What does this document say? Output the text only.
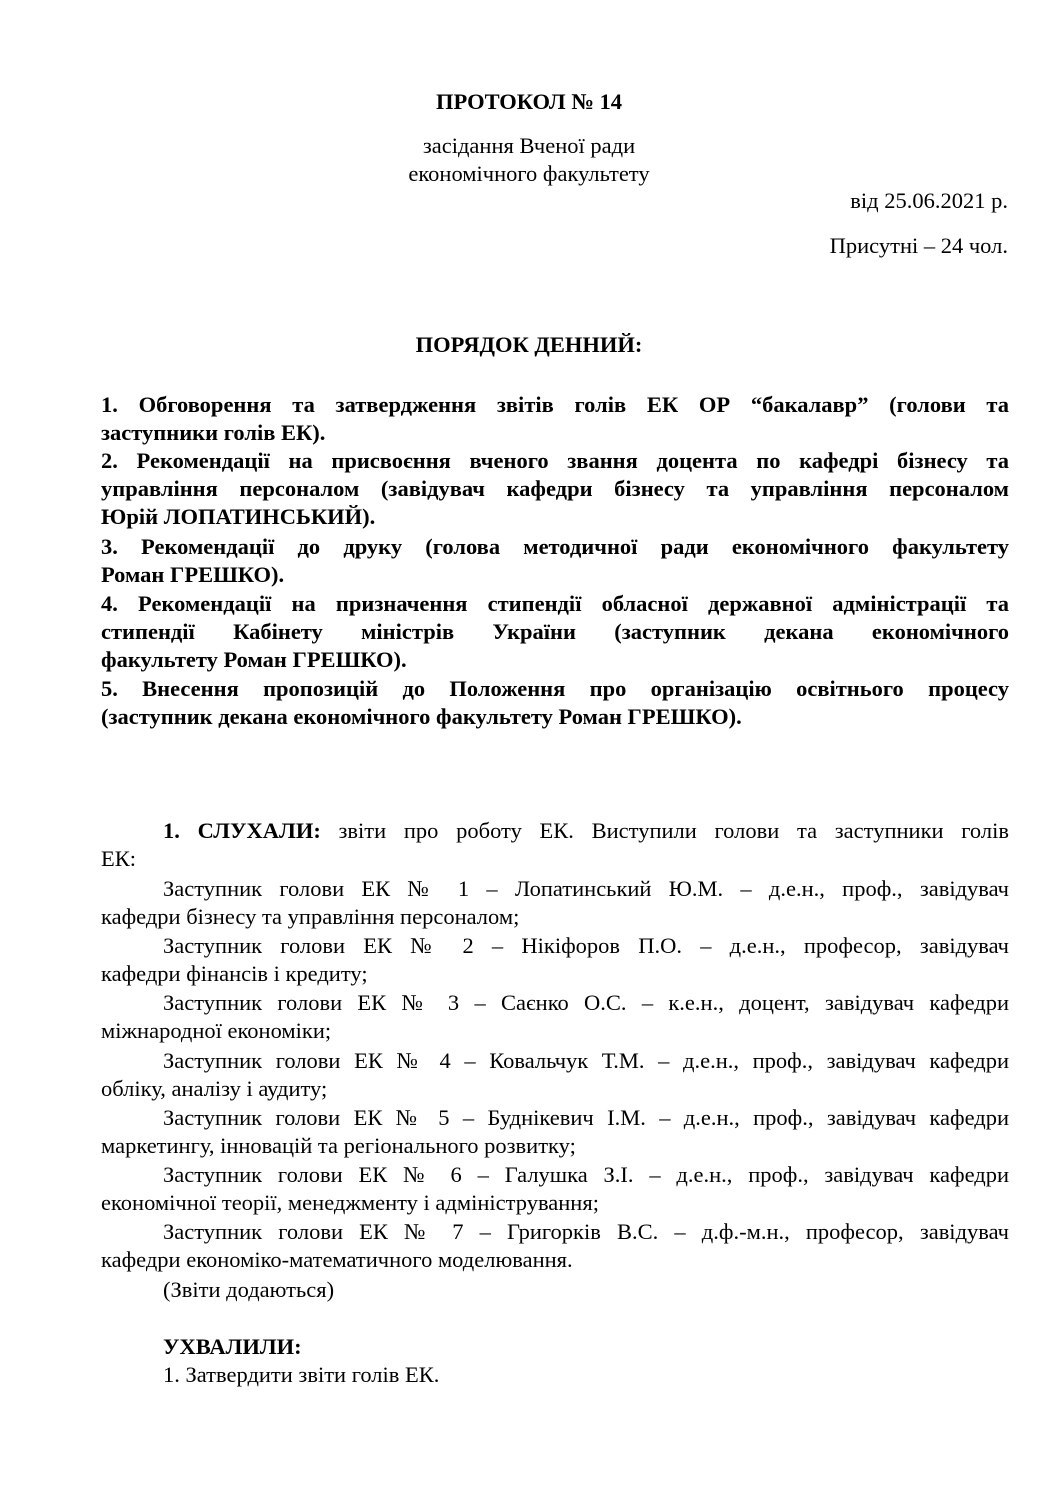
ПРОТОКОЛ № 14
засідання Вченої ради
економічного факультету
від 25.06.2021 р.
Присутні – 24 чол.
ПОРЯДОК ДЕННИЙ:
1. Обговорення та затвердження звітів голів ЕК ОР “бакалавр” (голови та
заступники голів ЕК).
2. Рекомендації на присвоєння вченого звання доцента по кафедрі бізнесу та
управління персоналом (завідувач кафедри бізнесу та управління персоналом
Юрій ЛОПАТИНСЬКИЙ).
3. Рекомендації до друку (голова методичної ради економічного факультету
Роман ГРЕШКО).
4. Рекомендації на призначення стипендії обласної державної адміністрації та
стипендії Кабінету міністрів України (заступник декана економічного
факультету Роман ГРЕШКО).
5. Внесення пропозицій до Положення про організацію освітнього процесу
(заступник декана економічного факультету Роман ГРЕШКО).
1. СЛУХАЛИ: звіти про роботу ЕК. Виступили голови та заступники голів
ЕК:
Заступник голови ЕК № 1 – Лопатинський Ю.М. – д.е.н., проф., завідувач
кафедри бізнесу та управління персоналом;
Заступник голови ЕК № 2 – Нікіфоров П.О. – д.е.н., професор, завідувач
кафедри фінансів і кредиту;
Заступник голови ЕК № 3 – Саєнко О.С. – к.е.н., доцент, завідувач кафедри
міжнародної економіки;
Заступник голови ЕК № 4 – Ковальчук Т.М. – д.е.н., проф., завідувач кафедри
обліку, аналізу і аудиту;
Заступник голови ЕК № 5 – Буднікевич І.М. – д.е.н., проф., завідувач кафедри
маркетингу, інновацій та регіонального розвитку;
Заступник голови ЕК № 6 – Галушка З.І. – д.е.н., проф., завідувач кафедри
економічної теорії, менеджменту і адміністрування;
Заступник голови ЕК № 7 – Григорків В.С. – д.ф.-м.н., професор, завідувач
кафедри економіко-математичного моделювання.
(Звіти додаються)
УХВАЛИЛИ:
1. Затвердити звіти голів ЕК.
